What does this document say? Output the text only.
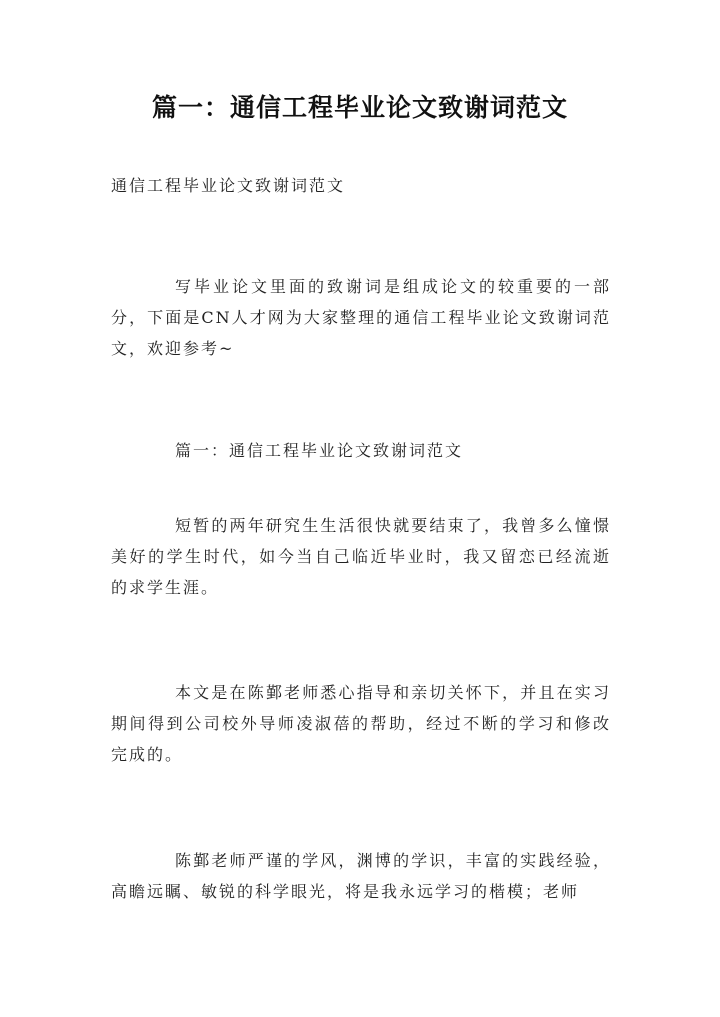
篇一：通信工程毕业论文致谢词范文
通信工程毕业论文致谢词范文
写毕业论文里面的致谢词是组成论文的较重要的一部分，下面是CN人才网为大家整理的通信工程毕业论文致谢词范文，欢迎参考~
篇一：通信工程毕业论文致谢词范文
短暂的两年研究生生活很快就要结束了，我曾多么憧憬美好的学生时代，如今当自己临近毕业时，我又留恋已经流逝的求学生涯。
本文是在陈鄞老师悉心指导和亲切关怀下，并且在实习期间得到公司校外导师凌淑蓓的帮助，经过不断的学习和修改完成的。
陈鄞老师严谨的学风，渊博的学识，丰富的实践经验，高瞻远瞩、敏锐的科学眼光，将是我永远学习的楷模；老师
